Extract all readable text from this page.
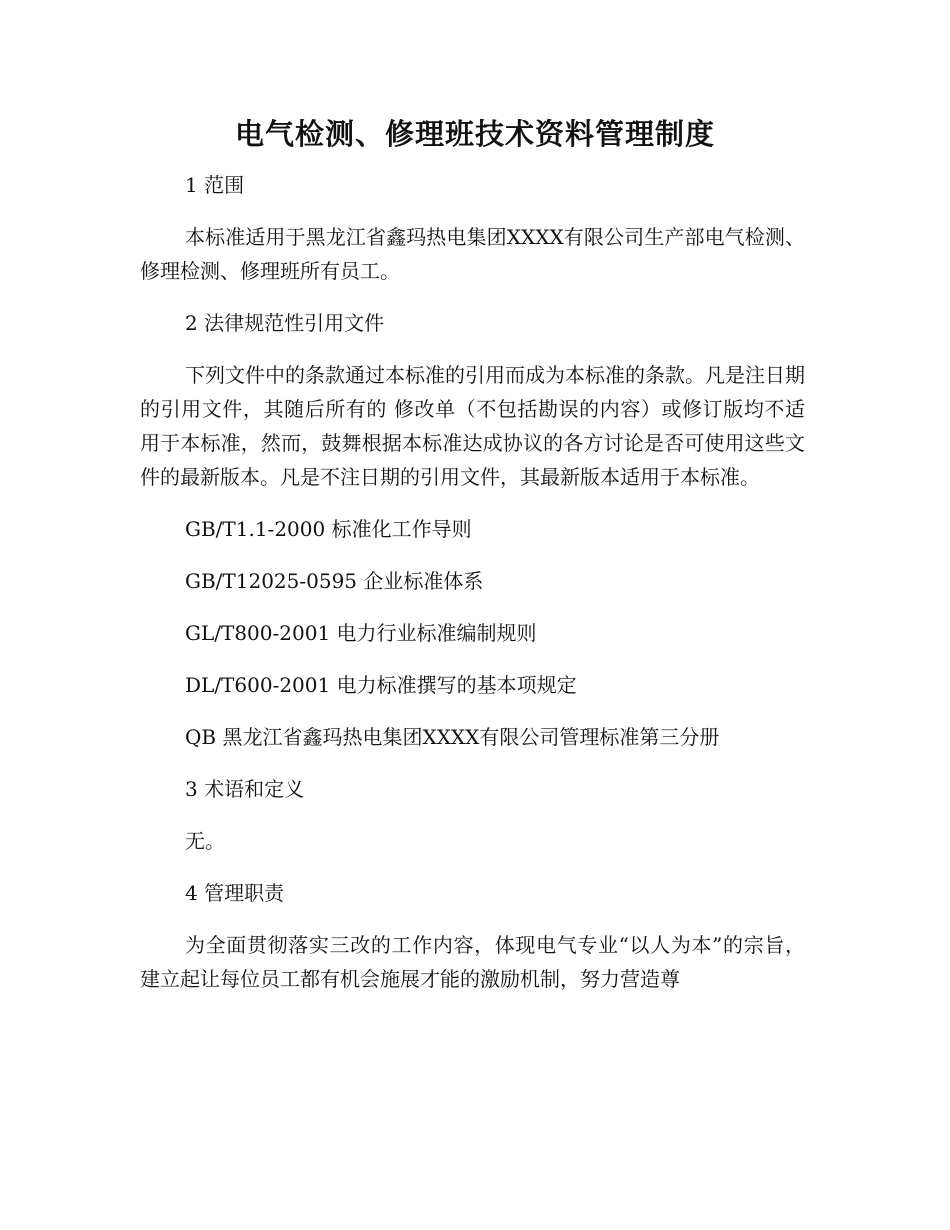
电气检测、修理班技术资料管理制度

1 范围

本标准适用于黑龙江省鑫玛热电集团XXXX有限公司生产部电气检测、修理检测、修理班所有员工。

2 法律规范性引用文件

下列文件中的条款通过本标准的引用而成为本标准的条款。凡是注日期的引用文件，其随后所有的 修改单（不包括勘误的内容）或修订版均不适用于本标准，然而，鼓舞根据本标准达成协议的各方讨论是否可使用这些文件的最新版本。凡是不注日期的引用文件，其最新版本适用于本标准。

GB/T1.1-2000 标准化工作导则

GB/T12025-0595 企业标准体系

GL/T800-2001 电力行业标准编制规则

DL/T600-2001 电力标准撰写的基本项规定

QB 黑龙江省鑫玛热电集团XXXX有限公司管理标准第三分册

3 术语和定义

无。

4 管理职责

为全面贯彻落实三改的工作内容，体现电气专业“以人为本”的宗旨，建立起让每位员工都有机会施展才能的激励机制，努力营造尊
